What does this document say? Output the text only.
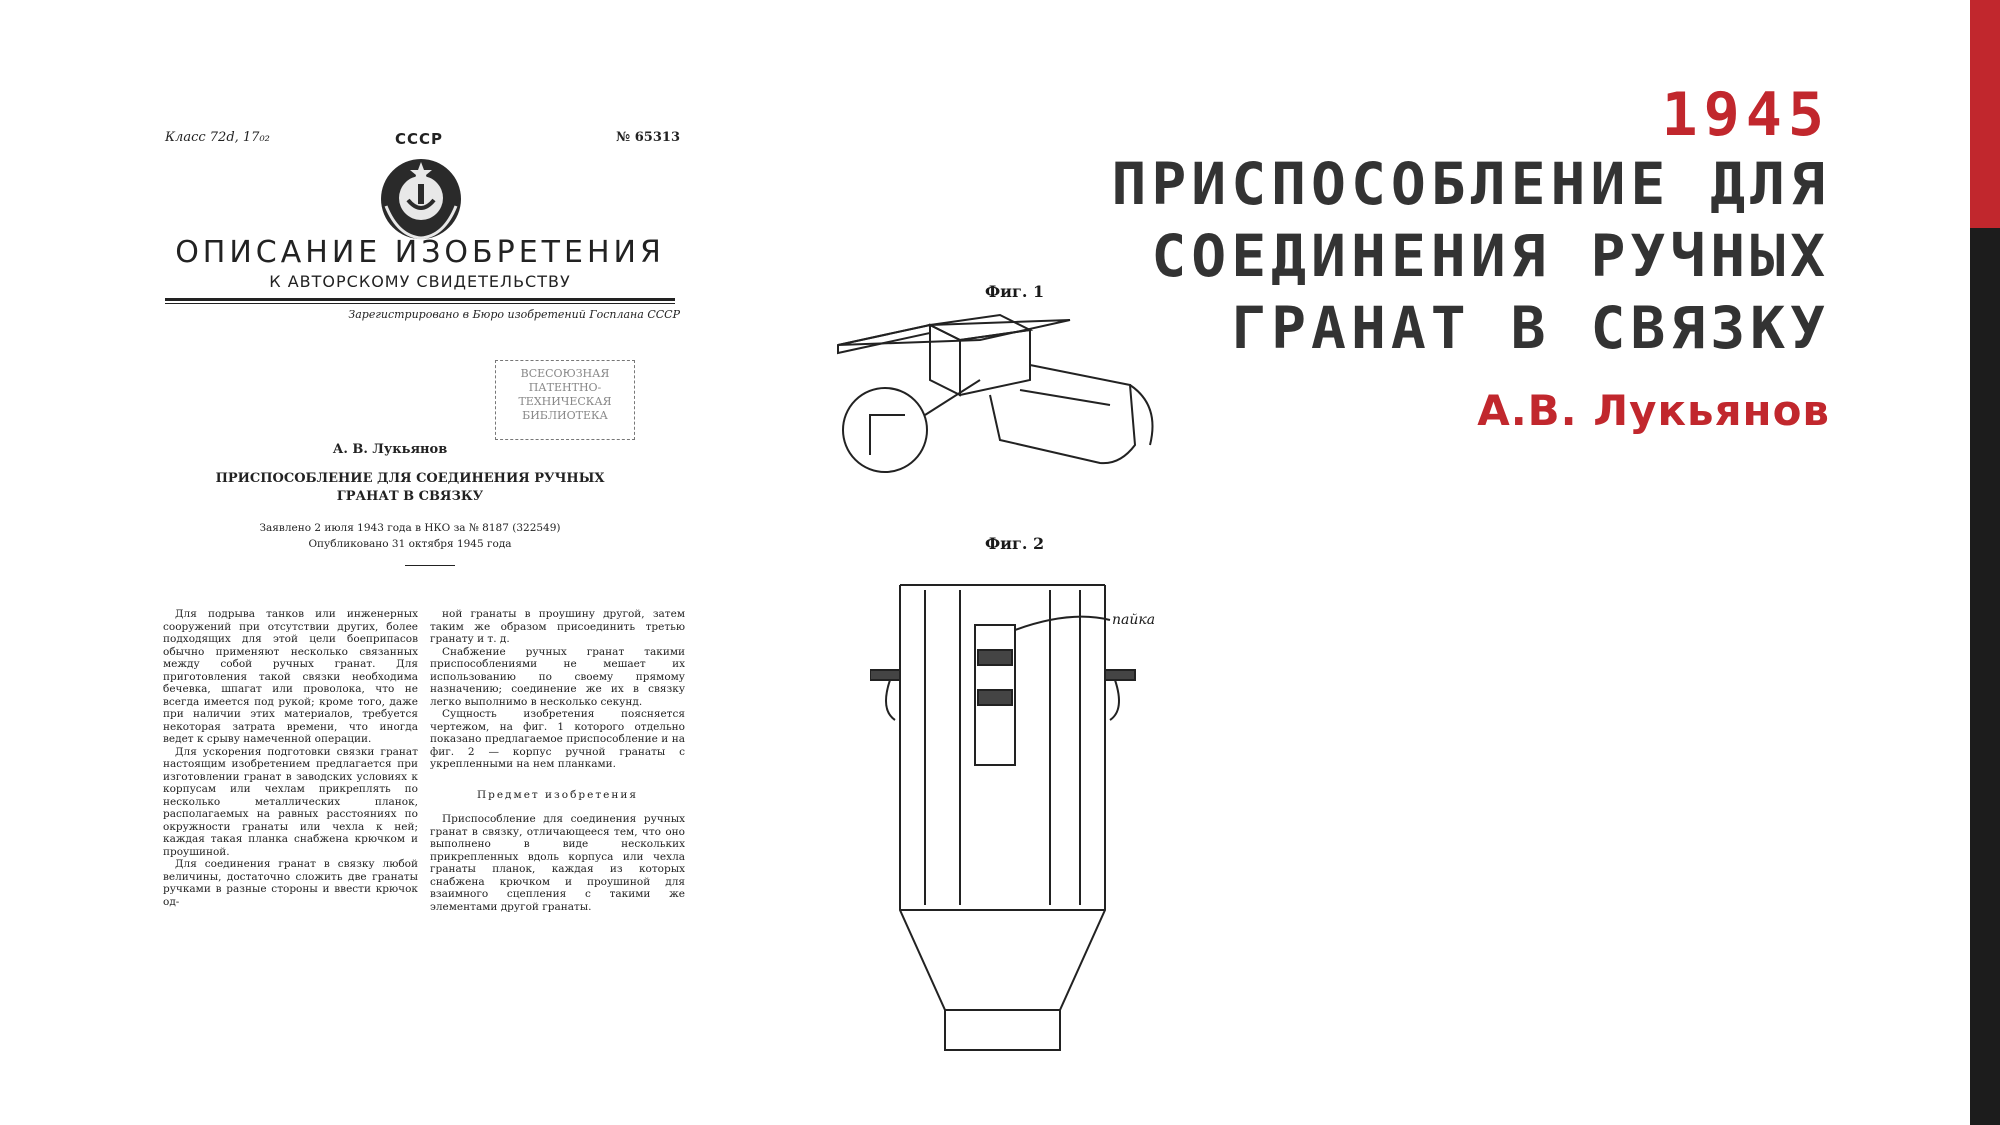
1945
ПРИСПОСОБЛЕНИЕ ДЛЯ СОЕДИНЕНИЯ РУЧНЫХ ГРАНАТ В СВЯЗКУ
А.В. Лукьянов
Класс 72d, 17₀₂	СССР	№ 65313
ОПИСАНИЕ ИЗОБРЕТЕНИЯ
К АВТОРСКОМУ СВИДЕТЕЛЬСТВУ
Зарегистрировано в Бюро изобретений Госплана СССР
ВСЕСОЮЗНАЯ ПАТЕНТНО-ТЕХНИЧЕСКАЯ БИБЛИОТЕКА
А. В. Лукьянов
ПРИСПОСОБЛЕНИЕ ДЛЯ СОЕДИНЕНИЯ РУЧНЫХ ГРАНАТ В СВЯЗКУ
Заявлено 2 июля 1943 года в НКО за № 8187 (322549)
Опубликовано 31 октября 1945 года

Для подрыва танков или инженерных сооружений при отсутствии других, более подходящих для этой цели боеприпасов обычно применяют несколько связанных между собой ручных гранат. Для приготовления такой связки необходима бечевка, шпагат или проволока, что не всегда имеется под рукой; кроме того, даже при наличии этих материалов, требуется некоторая затрата времени, что иногда ведет к срыву намеченной операции.

Для ускорения подготовки связки гранат настоящим изобретением предлагается при изготовлении гранат в заводских условиях к корпусам или чехлам прикреплять по несколько металлических планок, располагаемых на равных расстояниях по окружности гранаты или чехла к ней; каждая такая планка снабжена крючком и проушиной.

Для соединения гранат в связку любой величины, достаточно сложить две гранаты ручками в разные стороны и ввести крючок од-

ной гранаты в проушину другой, затем таким же образом присоединить третью гранату и т. д.

Снабжение ручных гранат такими приспособлениями не мешает их использованию по своему прямому назначению; соединение же их в связку легко выполнимо в несколько секунд.

Сущность изобретения поясняется чертежом, на фиг. 1 которого отдельно показано предлагаемое приспособление и на фиг. 2 — корпус ручной гранаты с укрепленными на нем планками.

Предмет изобретения

Приспособление для соединения ручных гранат в связку, отличающееся тем, что оно выполнено в виде нескольких прикрепленных вдоль корпуса или чехла гранаты планок, каждая из которых снабжена крючком и проушиной для взаимного сцепления с такими же элементами другой гранаты.

Фиг. 1
Фиг. 2
пайка
